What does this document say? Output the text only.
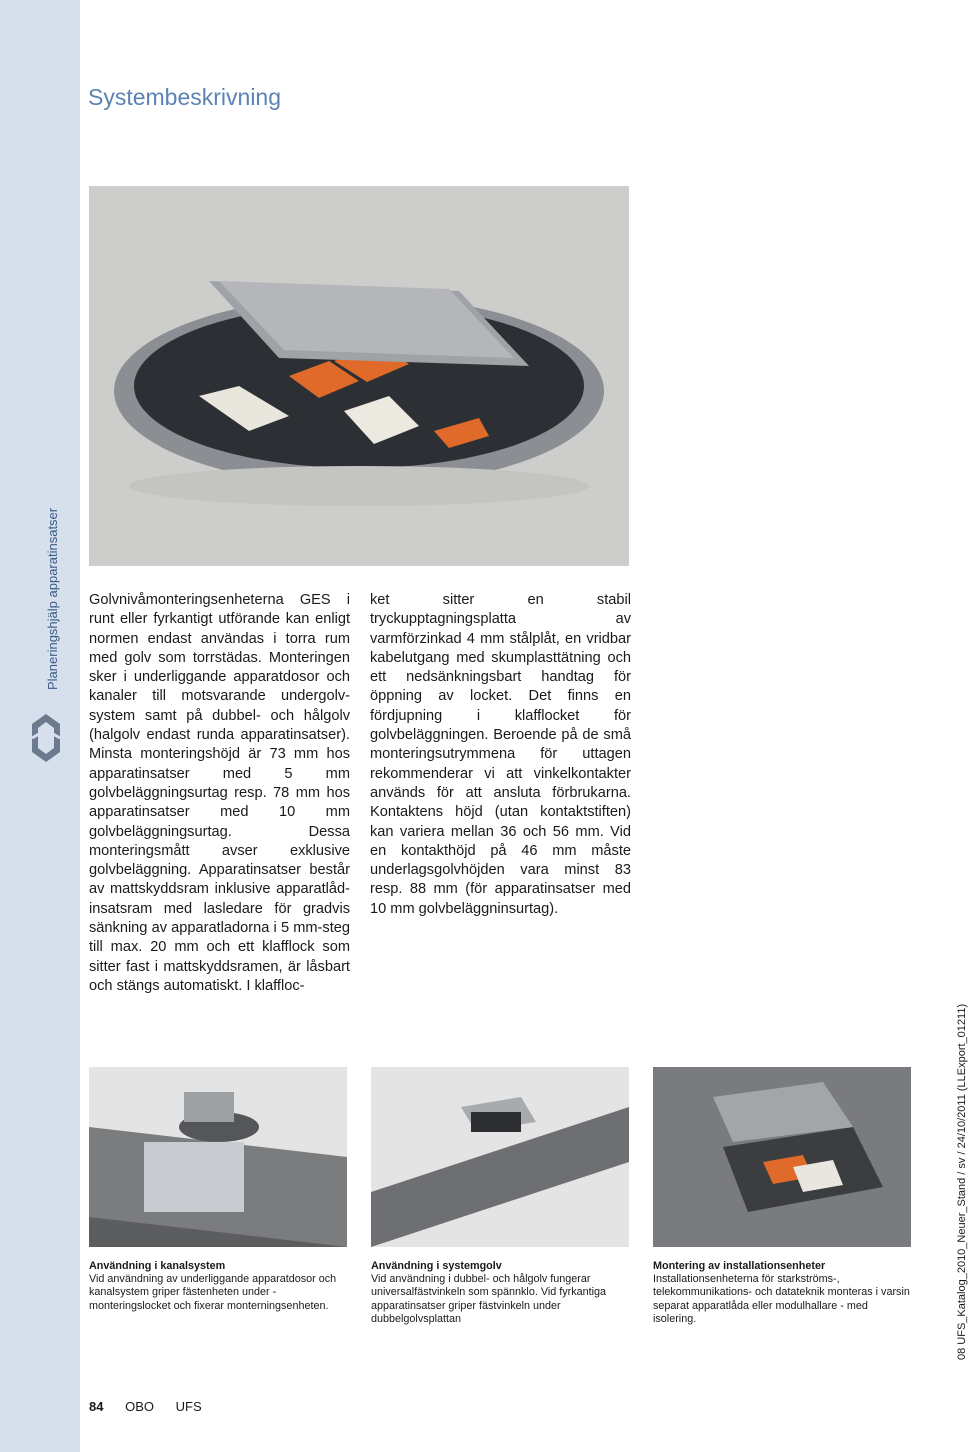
Planeringshjälp apparatinsatser
Systembeskrivning
Golvnivåmonteringsenheterna GES i runt eller fyrkantigt utförande kan enligt normen endast användas i torra rum med golv som torrstädas. Monteringen sker i underliggande apparatdosor och kanaler till motsvarande undergolv-system samt på dubbel- och hålgolv (halgolv endast runda apparatinsatser). Minsta monteringshöjd är 73 mm hos apparatinsatser med 5 mm golvbeläggningsurtag resp. 78 mm hos apparatinsatser med 10 mm golvbeläggningsurtag. Dessa monteringsmått avser exklusive golvbeläggning. Apparatinsatser består av mattskyddsram inklusive apparatlåd-insatsram med lasledare för gradvis sänkning av apparatladorna i 5 mm-steg till max. 20 mm och ett klafflock som sitter fast i mattskyddsramen, är låsbart och stängs automatiskt. I klaffloc-
ket sitter en stabil tryckupptagningsplatta av varmförzinkad 4 mm stålplåt, en vridbar kabelutgang med skumplasttätning och ett nedsänkningsbart handtag för öppning av locket. Det finns en fördjupning i klafflocket för golvbeläggningen. Beroende på de små monteringsutrymmena för uttagen rekommenderar vi att vinkelkontakter används för att ansluta förbrukarna. Kontaktens höjd (utan kontaktstiften) kan variera mellan 36 och 56 mm. Vid en kontakthöjd på 46 mm måste underlagsgolvhöjden vara minst 83 resp. 88 mm (för apparatinsatser med 10 mm golvbeläggninsurtag).
Användning i kanalsystem
Vid användning av underliggande apparatdosor och kanalsystem griper fästenheten under -monteringslocket och fixerar monterningsenheten.
Användning i systemgolv
Vid användning i dubbel- och hålgolv fungerar universalfästvinkeln som spännklo. Vid fyrkantiga apparatinsatser griper fästvinkeln under dubbelgolvsplattan
Montering av installationsenheter
Installationsenheterna för starkströms-, telekommunikations- och datateknik monteras i varsin separat apparatlåda eller modulhallare - med isolering.
84 OBO UFS
08 UFS_Katalog_2010_Neuer_Stand / sv / 24/10/2011 (LLExport_01211)
